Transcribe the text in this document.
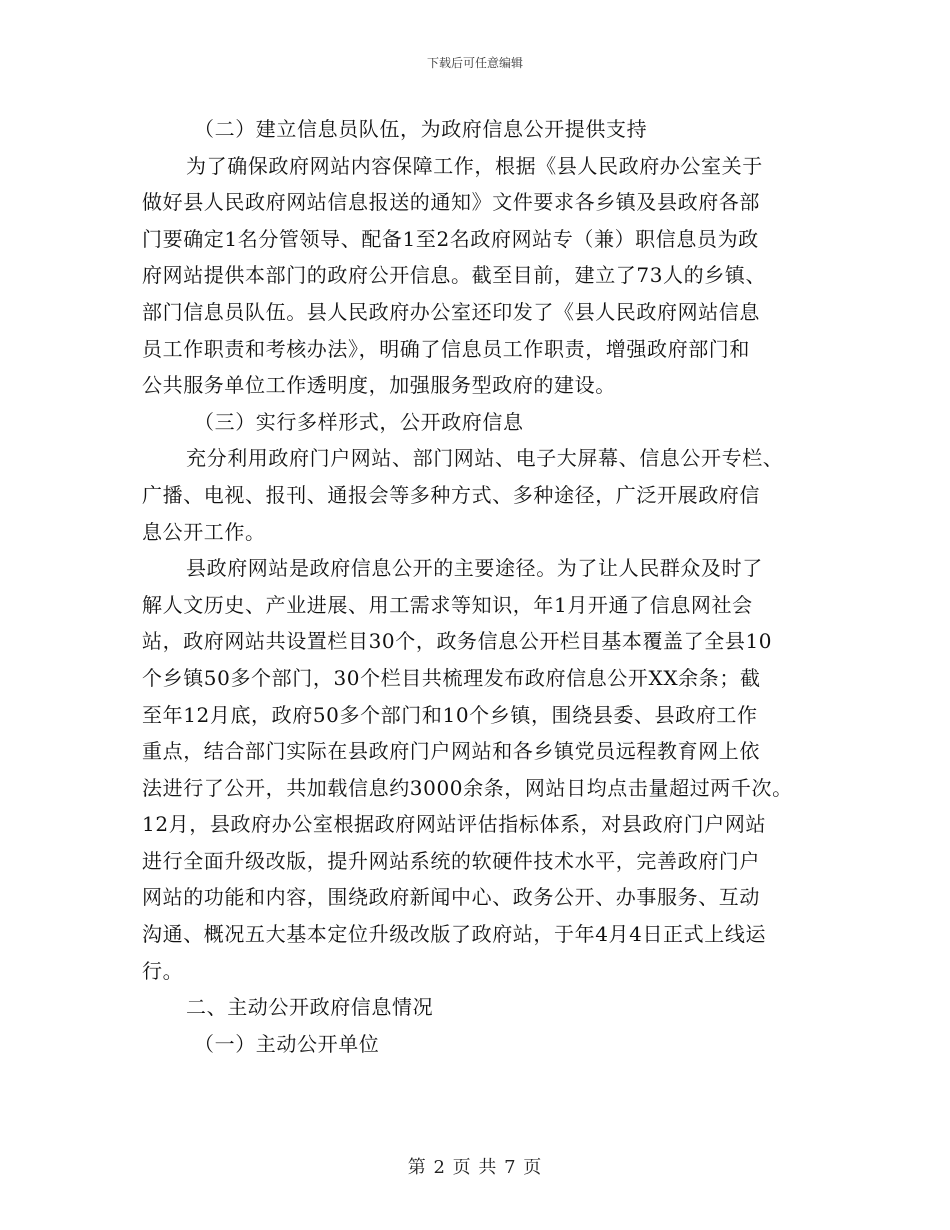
下载后可任意编辑
（二）建立信息员队伍，为政府信息公开提供支持
为了确保政府网站内容保障工作，根据《县人民政府办公室关于
做好县人民政府网站信息报送的通知》文件要求各乡镇及县政府各部
门要确定1名分管领导、配备1至2名政府网站专（兼）职信息员为政
府网站提供本部门的政府公开信息。截至目前，建立了73人的乡镇、
部门信息员队伍。县人民政府办公室还印发了《县人民政府网站信息
员工作职责和考核办法》，明确了信息员工作职责，增强政府部门和
公共服务单位工作透明度，加强服务型政府的建设。
（三）实行多样形式，公开政府信息
充分利用政府门户网站、部门网站、电子大屏幕、信息公开专栏、
广播、电视、报刊、通报会等多种方式、多种途径，广泛开展政府信
息公开工作。
县政府网站是政府信息公开的主要途径。为了让人民群众及时了
解人文历史、产业进展、用工需求等知识，年1月开通了信息网社会
站，政府网站共设置栏目30个，政务信息公开栏目基本覆盖了全县10
个乡镇50多个部门，30个栏目共梳理发布政府信息公开XX余条；截
至年12月底，政府50多个部门和10个乡镇，围绕县委、县政府工作
重点，结合部门实际在县政府门户网站和各乡镇党员远程教育网上依
法进行了公开，共加载信息约3000余条，网站日均点击量超过两千次。
12月，县政府办公室根据政府网站评估指标体系，对县政府门户网站
进行全面升级改版，提升网站系统的软硬件技术水平，完善政府门户
网站的功能和内容，围绕政府新闻中心、政务公开、办事服务、互动
沟通、概况五大基本定位升级改版了政府站，于年4月4日正式上线运
行。
二、主动公开政府信息情况
（一）主动公开单位
第 2 页 共 7 页
